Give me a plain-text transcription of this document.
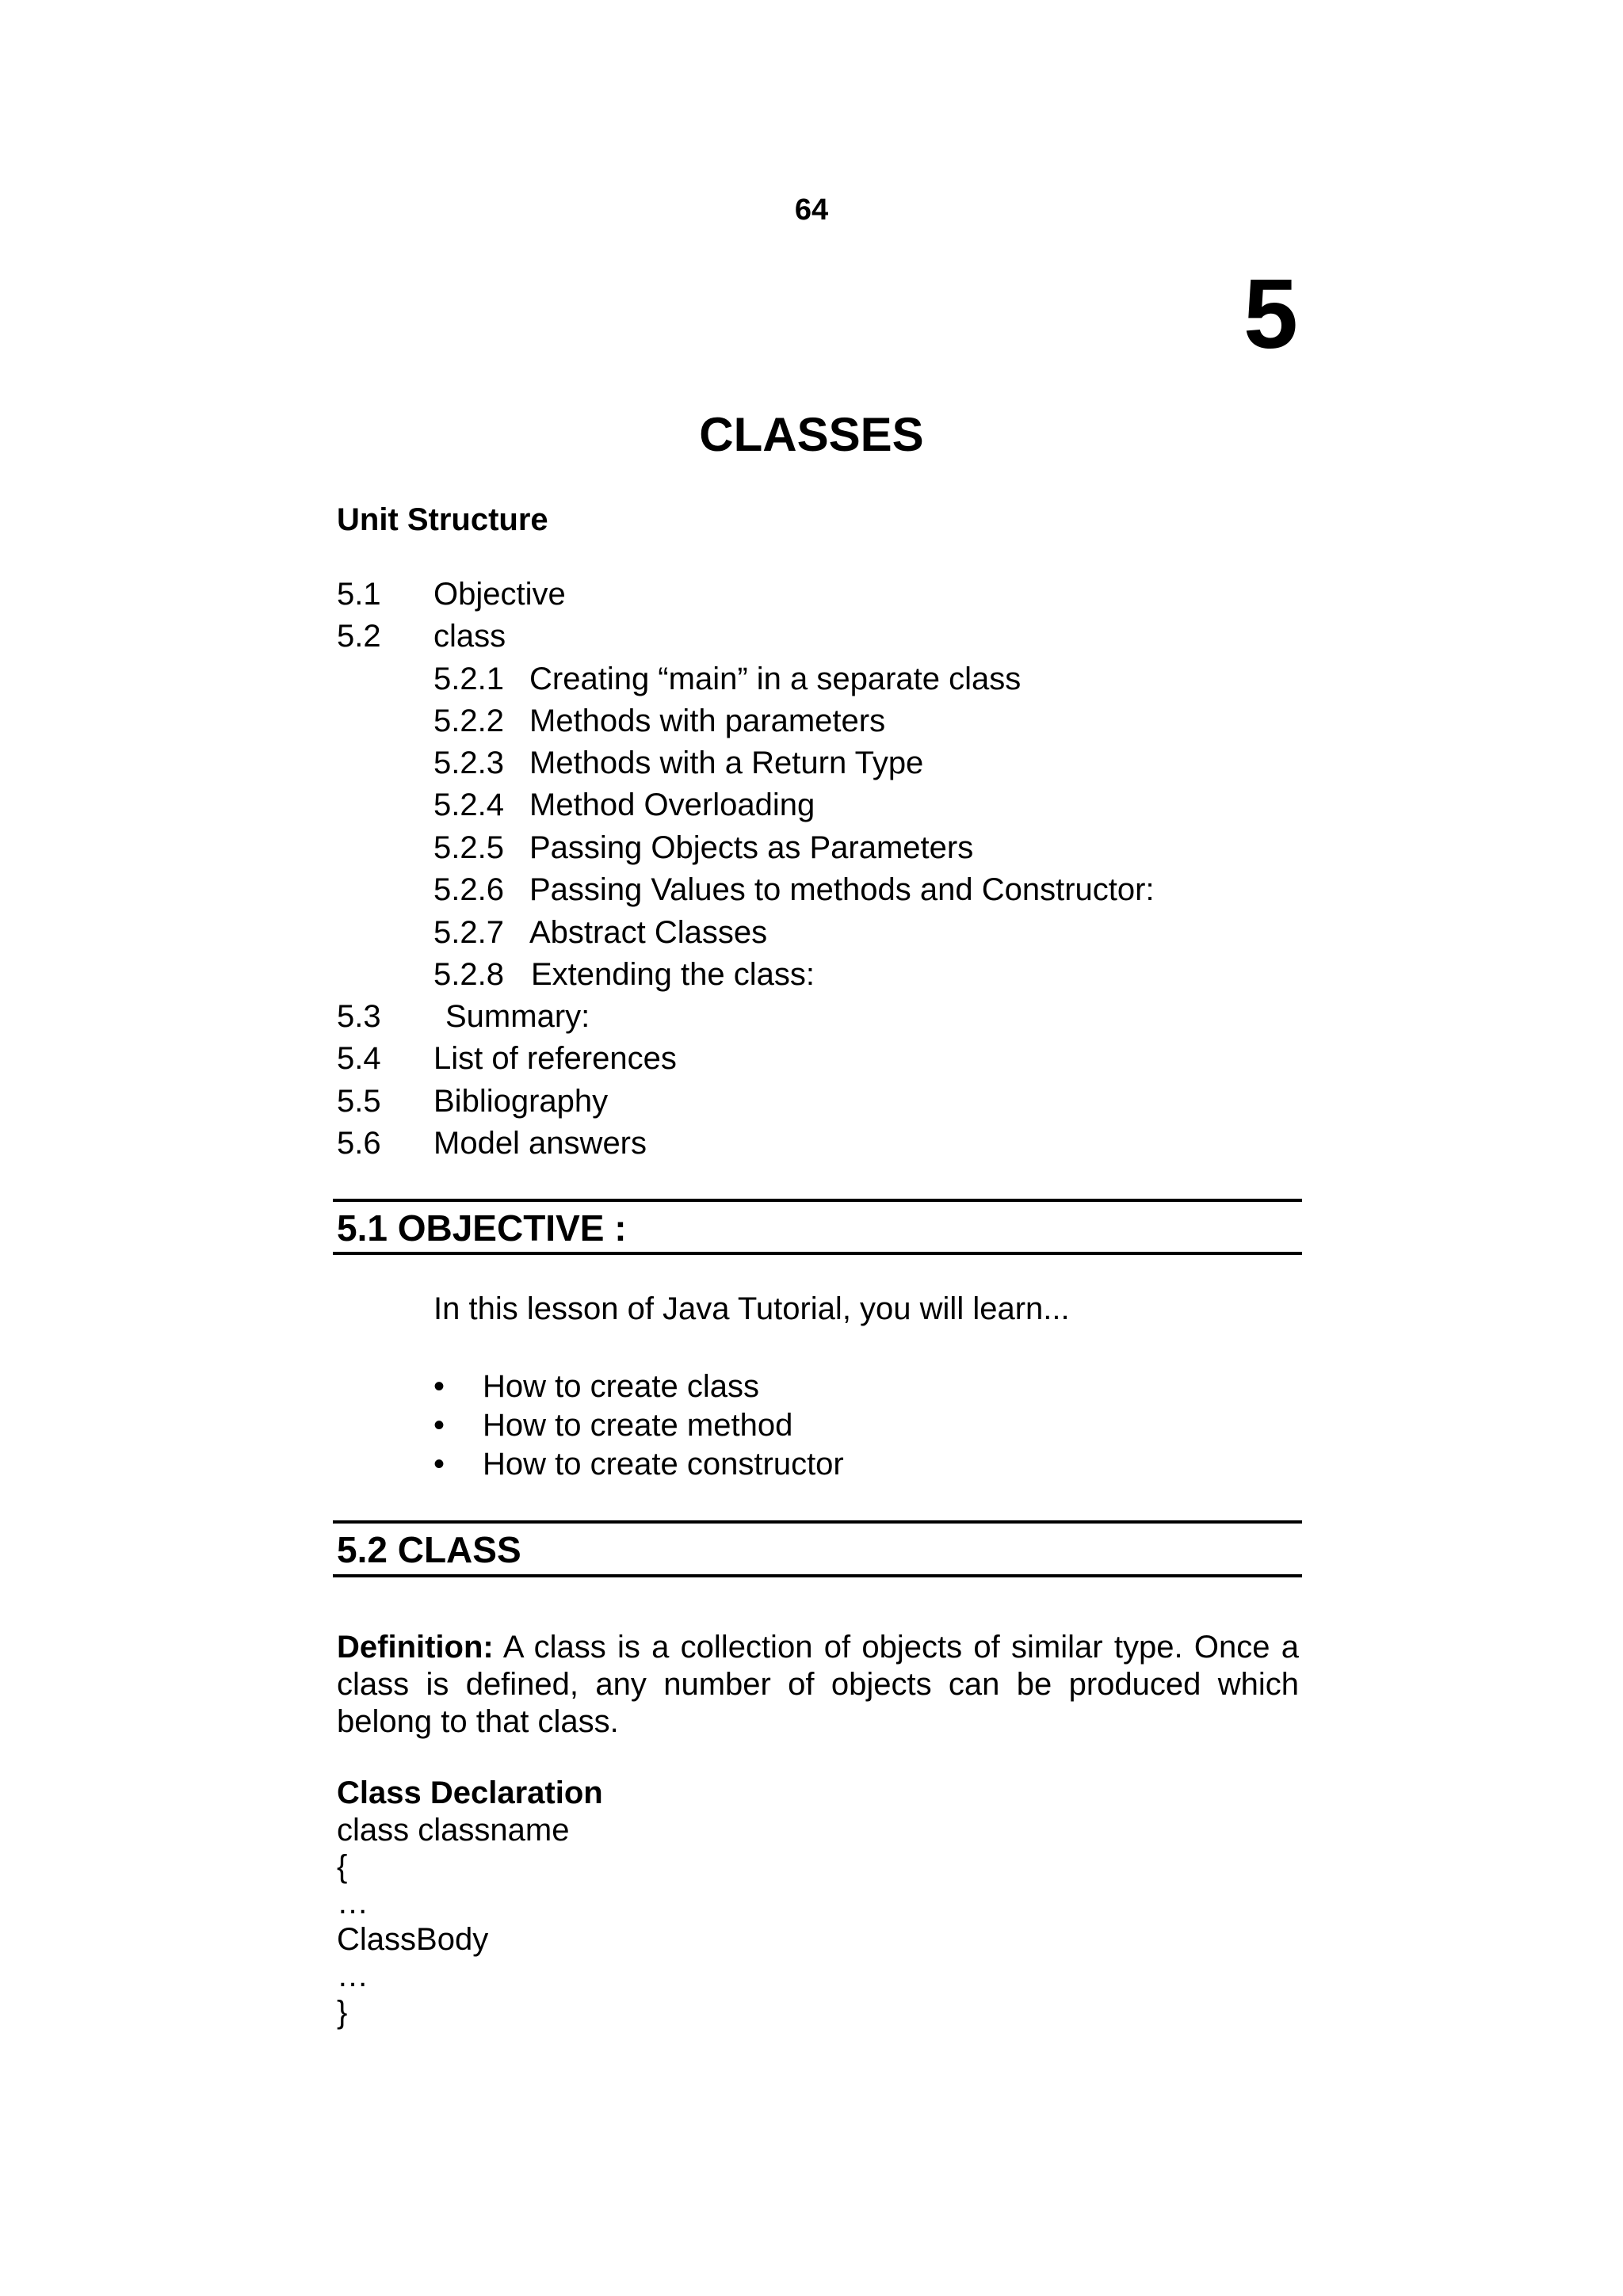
64
5
CLASSES
Unit Structure
5.1 Objective
5.2 class
5.2.1 Creating “main” in a separate class
5.2.2 Methods with parameters
5.2.3 Methods with a Return Type
5.2.4 Method Overloading
5.2.5 Passing Objects as Parameters
5.2.6 Passing Values to methods and Constructor:
5.2.7 Abstract Classes
5.2.8 Extending the class:
5.3 Summary:
5.4 List of references
5.5 Bibliography
5.6 Model answers
5.1 OBJECTIVE :
In this lesson of Java Tutorial, you will learn...
• How to create class
• How to create method
• How to create constructor
5.2 CLASS
Definition: A class is a collection of objects of similar type. Once a
class is defined, any number of objects can be produced which
belong to that class.
Class Declaration
class classname
{
…
ClassBody
…
}
